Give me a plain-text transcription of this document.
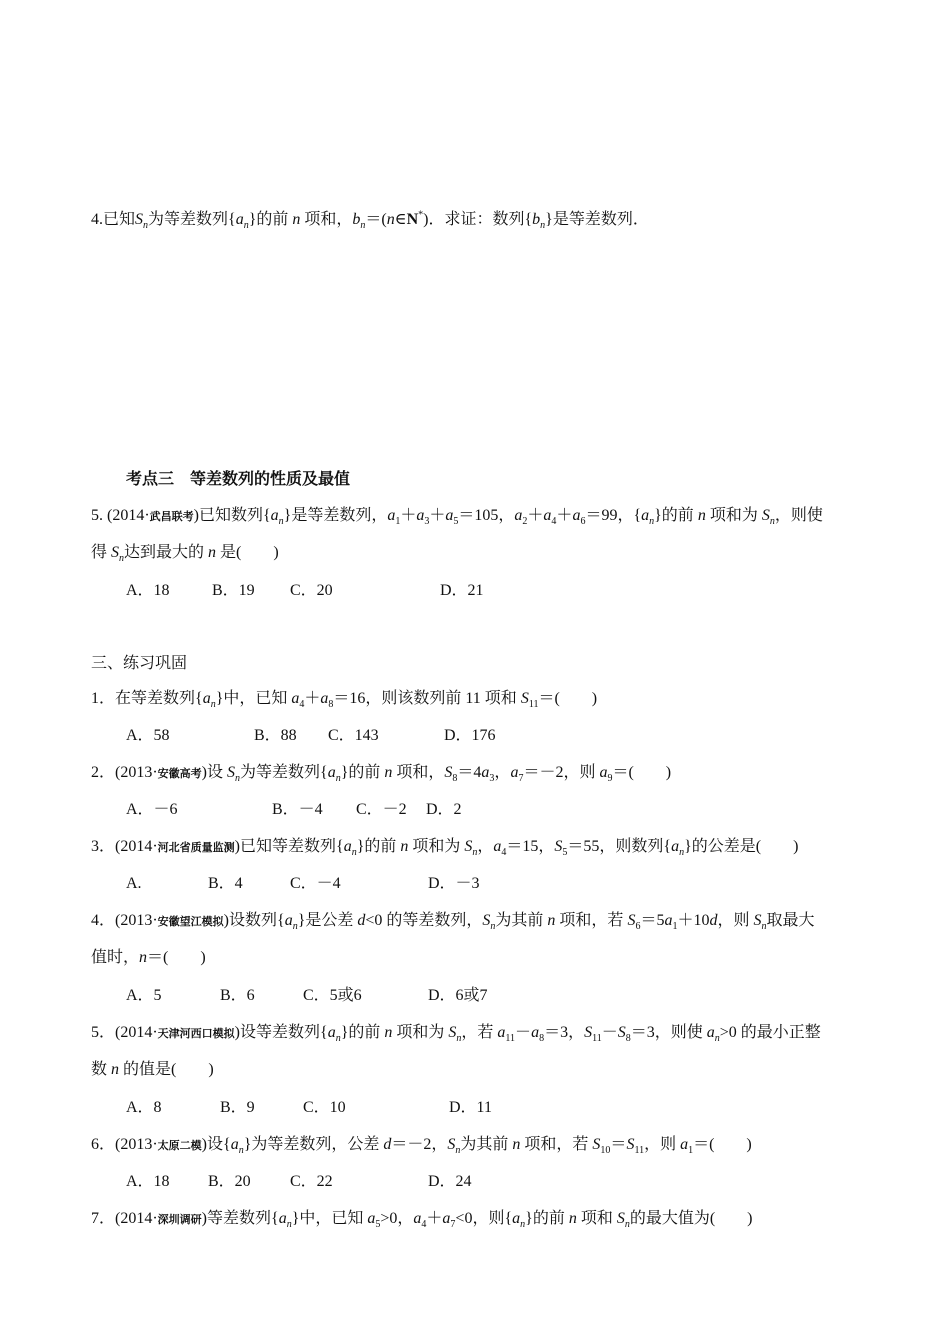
4.已知$S_n$为等差数列$\{a_n\}$的前 n 项和，$b_n=(n\in N^*)$．求证：数列$\{b_n\}$是等差数列．
考点三　等差数列的性质及最值
5. (2014·武昌联考)已知数列$\{a_n\}$是等差数列，$a_1+a_3+a_5=105$，$a_2+a_4+a_6=99$，$\{a_n\}$的前 n 项和为 $S_n$，则使
得 $S_n$达到最大的 n 是(　　)
A．18	B．19 C．20	D．21
三、练习巩固
1．在等差数列$\{a_n\}$中，已知 $a_4+a_8=16$，则该数列前 11 项和 $S_{11}=$(　　)
A．58	B．88 C．143	D．176
2．(2013·安徽高考)设 $S_n$为等差数列$\{a_n\}$的前 n 项和，$S_8=4a_3$，$a_7=-2$，则 $a_9=$(　　)
A．－6	B．－4 C．－2 D．2
3．(2014·河北省质量监测)已知等差数列$\{a_n\}$的前 n 项和为 $S_n$，$a_4=15$，$S_5=55$，则数列$\{a_n\}$的公差是(　　)
A.	B．4	C．－4	D．－3
4．(2013·安徽望江模拟)设数列$\{a_n\}$是公差 d<0 的等差数列，$S_n$为其前 n 项和，若 $S_6=5a_1+10d$，则 $S_n$取最大
值时，n＝(　　)
A．5	B．6	C．5或6	D．6或7
5．(2014·天津河西口模拟)设等差数列$\{a_n\}$的前 n 项和为 $S_n$，若 $a_{11}-a_8=3$，$S_{11}-S_8=3$，则使 $a_n>0$ 的最小正整
数 n 的值是(　　)
A．8	B．9	C．10	D．11
6．(2013·太原二模)设$\{a_n\}$为等差数列，公差 d＝－2，$S_n$为其前 n 项和，若 $S_{10}=S_{11}$，则 $a_1=$(　　)
A．18 B．20 C．22	D．24
7．(2014·深圳调研)等差数列$\{a_n\}$中，已知 $a_5>0$，$a_4+a_7<0$，则$\{a_n\}$的前 n 项和 $S_n$的最大值为(　　)
